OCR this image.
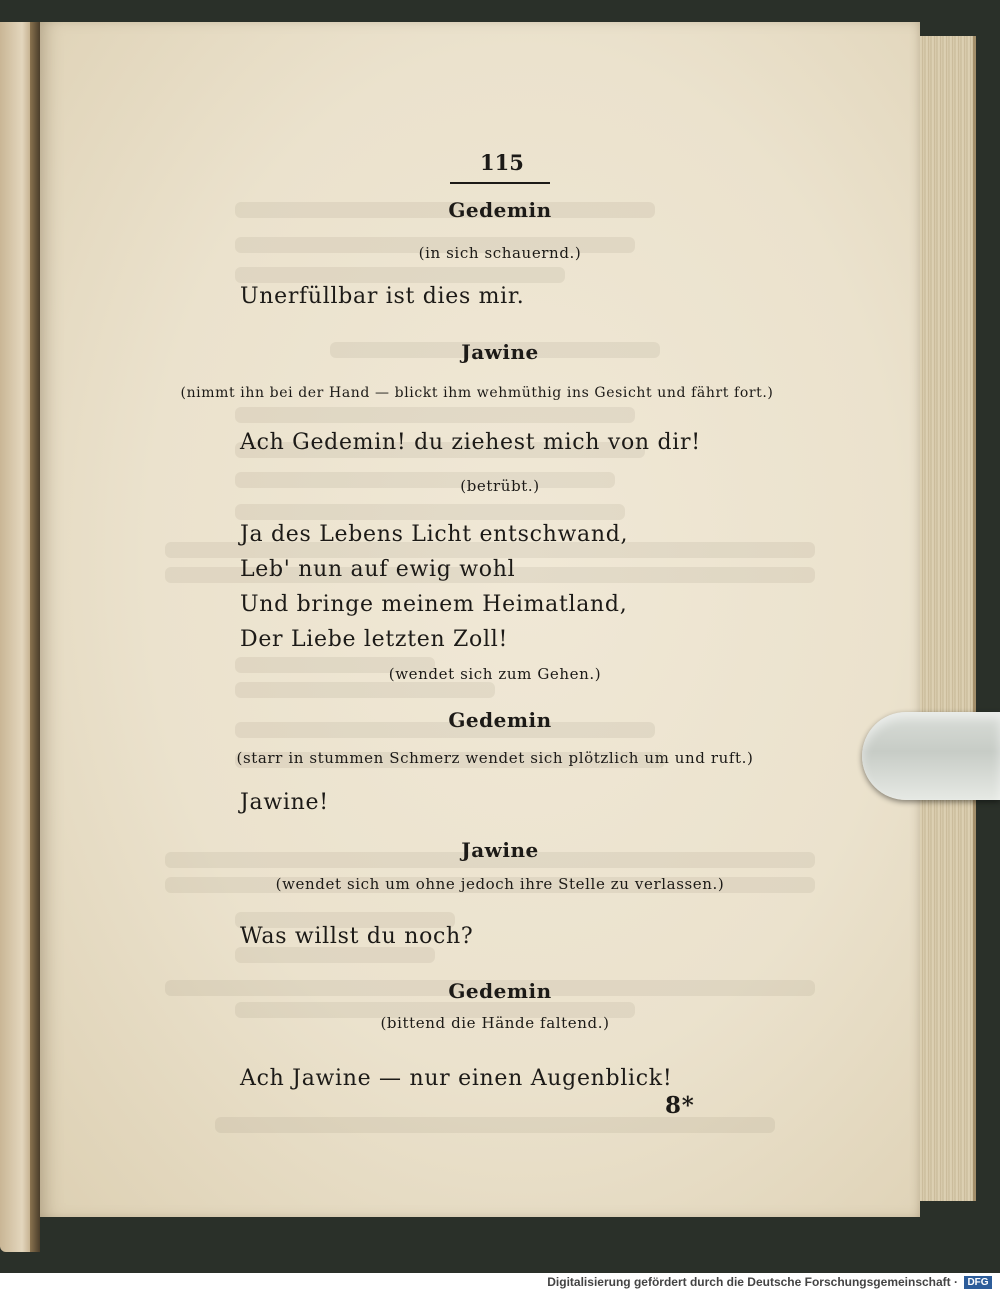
115
Gedemin
(in sich schauernd.)
Unerfüllbar ist dies mir.
Jawine
(nimmt ihn bei der Hand — blickt ihm wehmüthig ins Gesicht und fährt fort.)
Ach Gedemin! du ziehest mich von dir!
(betrübt.)
Ja des Lebens Licht entschwand,
Leb' nun auf ewig wohl
Und bringe meinem Heimatland,
Der Liebe letzten Zoll!
(wendet sich zum Gehen.)
Gedemin
(starr in stummen Schmerz wendet sich plötzlich um und ruft.)
Jawine!
Jawine
(wendet sich um ohne jedoch ihre Stelle zu verlassen.)
Was willst du noch?
Gedemin
(bittend die Hände faltend.)
Ach Jawine — nur einen Augenblick!
8*
Digitalisierung gefördert durch die Deutsche Forschungsgemeinschaft · DFG
